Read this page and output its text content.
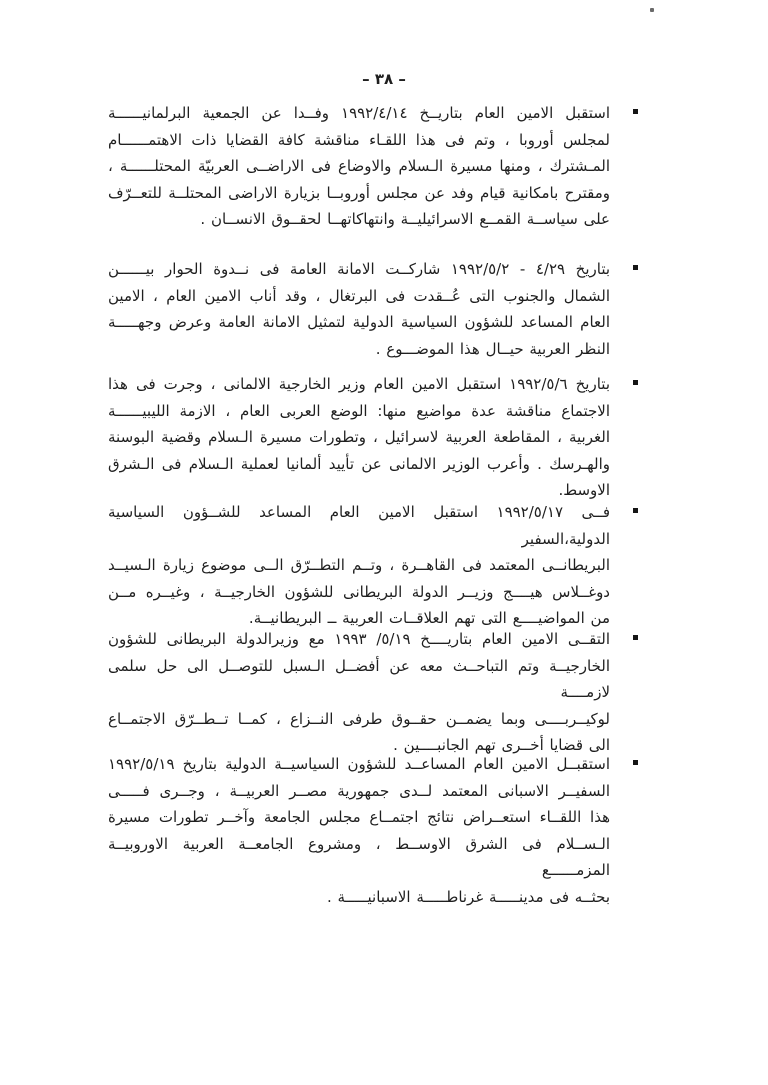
– ٣٨ –
استقبل الامين العام بتاريــخ ١٩٩٢/٤/١٤ وفــدا عن الجمعية البرلمانيــــــة
لمجلس أوروبا ، وتم فى هذا اللقـاء مناقشة كافة القضايا ذات الاهتمــــــام
المـشترك ، ومنها مسيرة الـسلام والاوضاع فى الاراضــى العربيّة المحتلــــــة ،
ومقترح بامكانية قيام وفد عن مجلس أوروبــا بزيارة الاراضى المحتلــة للتعــرّف
على سياســة القمــع الاسرائيليــة وانتهاكاتهــا لحقــوق الانســان .
بتاريخ ٤/٢٩ - ١٩٩٢/٥/٢ شاركــت الامانة العامة فى نــدوة الحوار بيــــــن
الشمال والجنوب التى عُــقدت فى البرتغال ، وقد أناب الامين العام ، الامين
العام المساعد للشؤون السياسية الدولية لتمثيل الامانة العامة وعرض وجهـــــة
النظر العربية حيــال هذا الموضـــوع .
بتاريخ ١٩٩٢/٥/٦ استقبل الامين العام وزير الخارجية الالمانى ، وجرت فى هذا
الاجتماع مناقشة عدة مواضيع منها: الوضع العربى العام ، الازمة الليبيــــــة
الغربية ، المقاطعة العربية لاسرائيل ، وتطورات مسيرة الـسلام وقضية البوسنة
والهـرسك . وأعرب الوزير الالمانى عن تأييد ألمانيا لعملية الـسلام فى الـشرق
الاوسط.
فــى ١٩٩٢/٥/١٧ استقبل الامين العام المساعد للشــؤون السياسية الدولية،السفير
البريطانــى المعتمد فى القاهــرة ، وتــم التطــرّق الــى موضوع زيارة الـسيــد
دوغــلاس هيــــج وزيــر الدولة البريطانى للشؤون الخارجيــة ، وغيــره مــن
من المواضيــــع التى تهم العلاقــات العربية ــ البريطانيــة.
التقــى الامين العام بتاريــــخ ٥/١٩/ ١٩٩٣ مع وزيرالدولة البريطانى للشؤون
الخارجيــة وتم التباحــث معه عن أفضــل الـسبل للتوصــل الى حل سلمى لازمــــة
لوكيــربــــى وبما يضمــن حقــوق طرفى النــزاع ، كمــا تــطــرّق الاجتمــاع
الى قضايا أخــرى تهم الجانبــــين .
استقبــل الامين العام المساعــد للشؤون السياسيــة الدولية بتاريخ ١٩٩٢/٥/١٩
السفيــر الاسبانى المعتمد لــدى جمهورية مصــر العربيــة ، وجــرى فـــــى
هذا اللقــاء استعــراض نتائج اجتمــاع مجلس الجامعة وآخــر تطورات مسيرة
الـســلام فى الشرق الاوســط ، ومشروع الجامعــة العربية الاوروبيــة المزمــــــع
بحثــه فى مدينـــــة غرناطـــــة الاسبانيـــــة .
